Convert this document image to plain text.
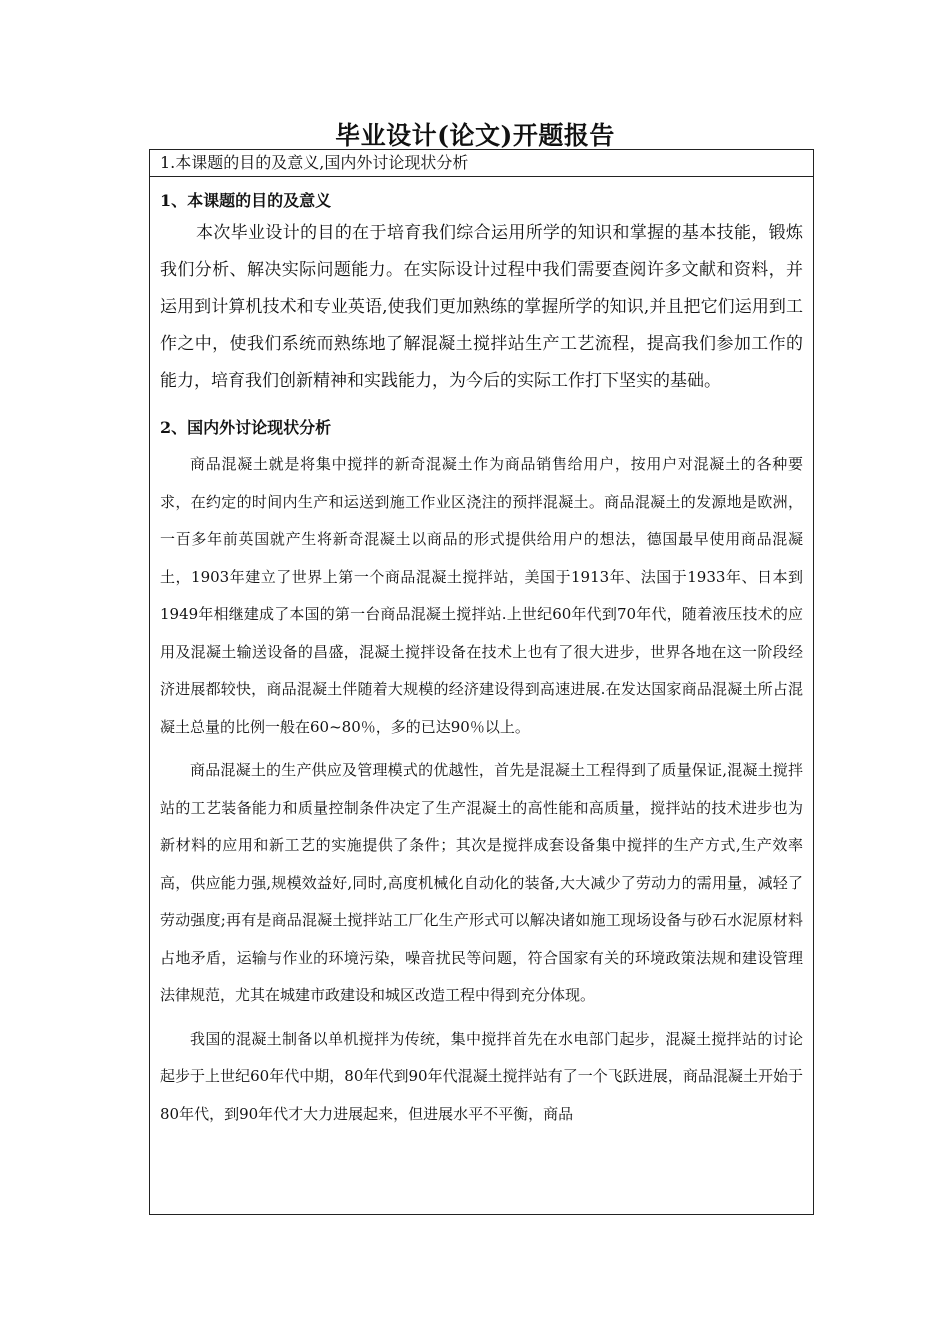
毕业设计(论文)开题报告
1.本课题的目的及意义,国内外讨论现状分析
1、本课题的目的及意义

本次毕业设计的目的在于培育我们综合运用所学的知识和掌握的基本技能，锻炼我们分析、解决实际问题能力。在实际设计过程中我们需要查阅许多文献和资料，并运用到计算机技术和专业英语,使我们更加熟练的掌握所学的知识,并且把它们运用到工作之中，使我们系统而熟练地了解混凝土搅拌站生产工艺流程，提高我们参加工作的能力，培育我们创新精神和实践能力，为今后的实际工作打下坚实的基础。

2、国内外讨论现状分析

商品混凝土就是将集中搅拌的新奇混凝土作为商品销售给用户，按用户对混凝土的各种要求，在约定的时间内生产和运送到施工作业区浇注的预拌混凝土。商品混凝土的发源地是欧洲，一百多年前英国就产生将新奇混凝土以商品的形式提供给用户的想法，德国最早使用商品混凝土，1903年建立了世界上第一个商品混凝土搅拌站，美国于1913年、法国于1933年、日本到1949年相继建成了本国的第一台商品混凝土搅拌站.上世纪60年代到70年代，随着液压技术的应用及混凝土输送设备的昌盛，混凝土搅拌设备在技术上也有了很大进步，世界各地在这一阶段经济进展都较快，商品混凝土伴随着大规模的经济建设得到高速进展.在发达国家商品混凝土所占混凝土总量的比例一般在60~80％，多的已达90％以上。

商品混凝土的生产供应及管理模式的优越性，首先是混凝土工程得到了质量保证,混凝土搅拌站的工艺装备能力和质量控制条件决定了生产混凝土的高性能和高质量，搅拌站的技术进步也为新材料的应用和新工艺的实施提供了条件；其次是搅拌成套设备集中搅拌的生产方式,生产效率高，供应能力强,规模效益好,同时,高度机械化自动化的装备,大大减少了劳动力的需用量，减轻了劳动强度;再有是商品混凝土搅拌站工厂化生产形式可以解决诸如施工现场设备与砂石水泥原材料占地矛盾，运输与作业的环境污染，噪音扰民等问题，符合国家有关的环境政策法规和建设管理法律规范，尤其在城建市政建设和城区改造工程中得到充分体现。

我国的混凝土制备以单机搅拌为传统，集中搅拌首先在水电部门起步，混凝土搅拌站的讨论起步于上世纪60年代中期，80年代到90年代混凝土搅拌站有了一个飞跃进展，商品混凝土开始于80年代，到90年代才大力进展起来，但进展水平不平衡，商品
